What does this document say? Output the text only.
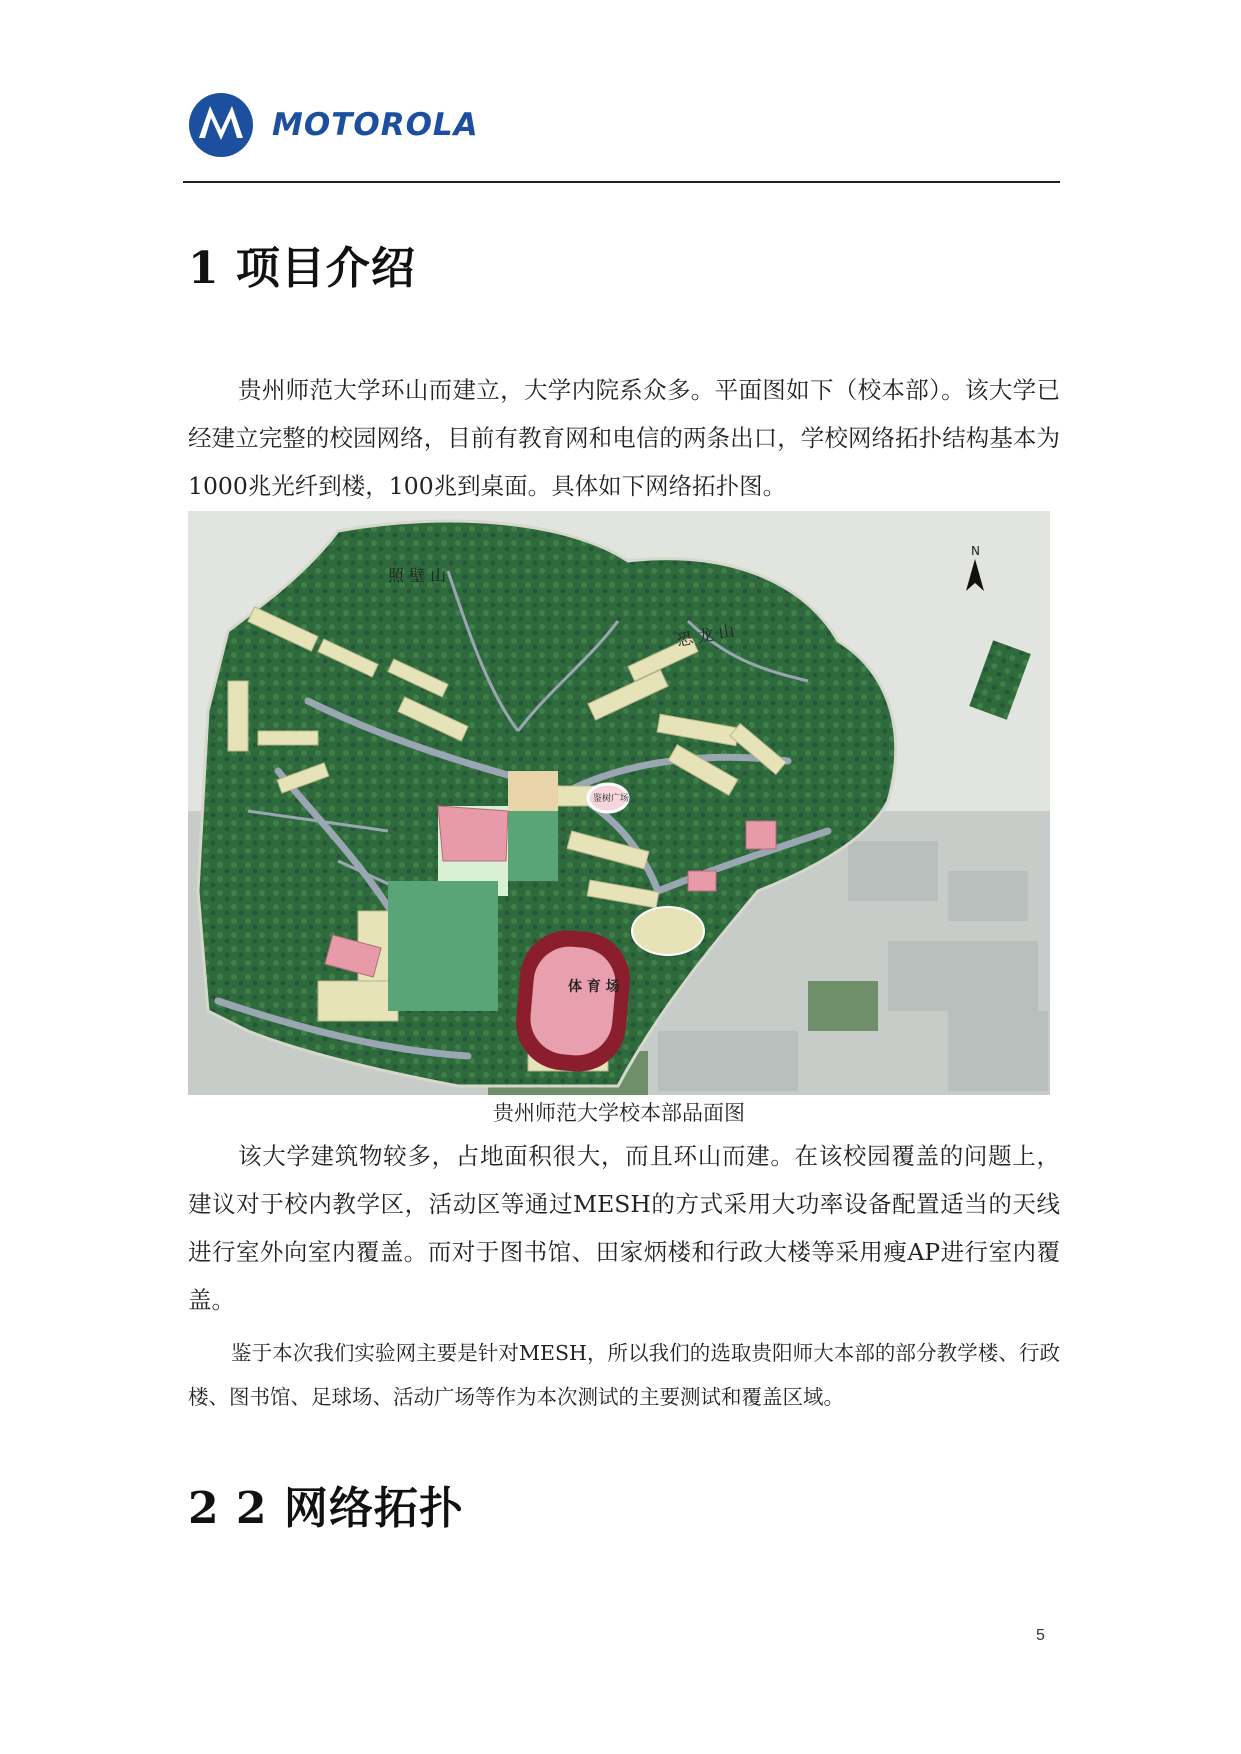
MOTOROLA
1 项目介绍

贵州师范大学环山而建立，大学内院系众多。平面图如下（校本部）。该大学已经建立完整的校园网络，目前有教育网和电信的两条出口，学校网络拓扑结构基本为1000兆光纤到楼，100兆到桌面。具体如下网络拓扑图。

照 壁 山
恐 龙 山
体 育 场
鉴树广场
N
贵州师范大学校本部品面图

该大学建筑物较多，占地面积很大，而且环山而建。在该校园覆盖的问题上，建议对于校内教学区，活动区等通过MESH的方式采用大功率设备配置适当的天线进行室外向室内覆盖。而对于图书馆、田家炳楼和行政大楼等采用瘦AP进行室内覆盖。

鉴于本次我们实验网主要是针对MESH，所以我们的选取贵阳师大本部的部分教学楼、行政楼、图书馆、足球场、活动广场等作为本次测试的主要测试和覆盖区域。

2 2 网络拓扑
5
